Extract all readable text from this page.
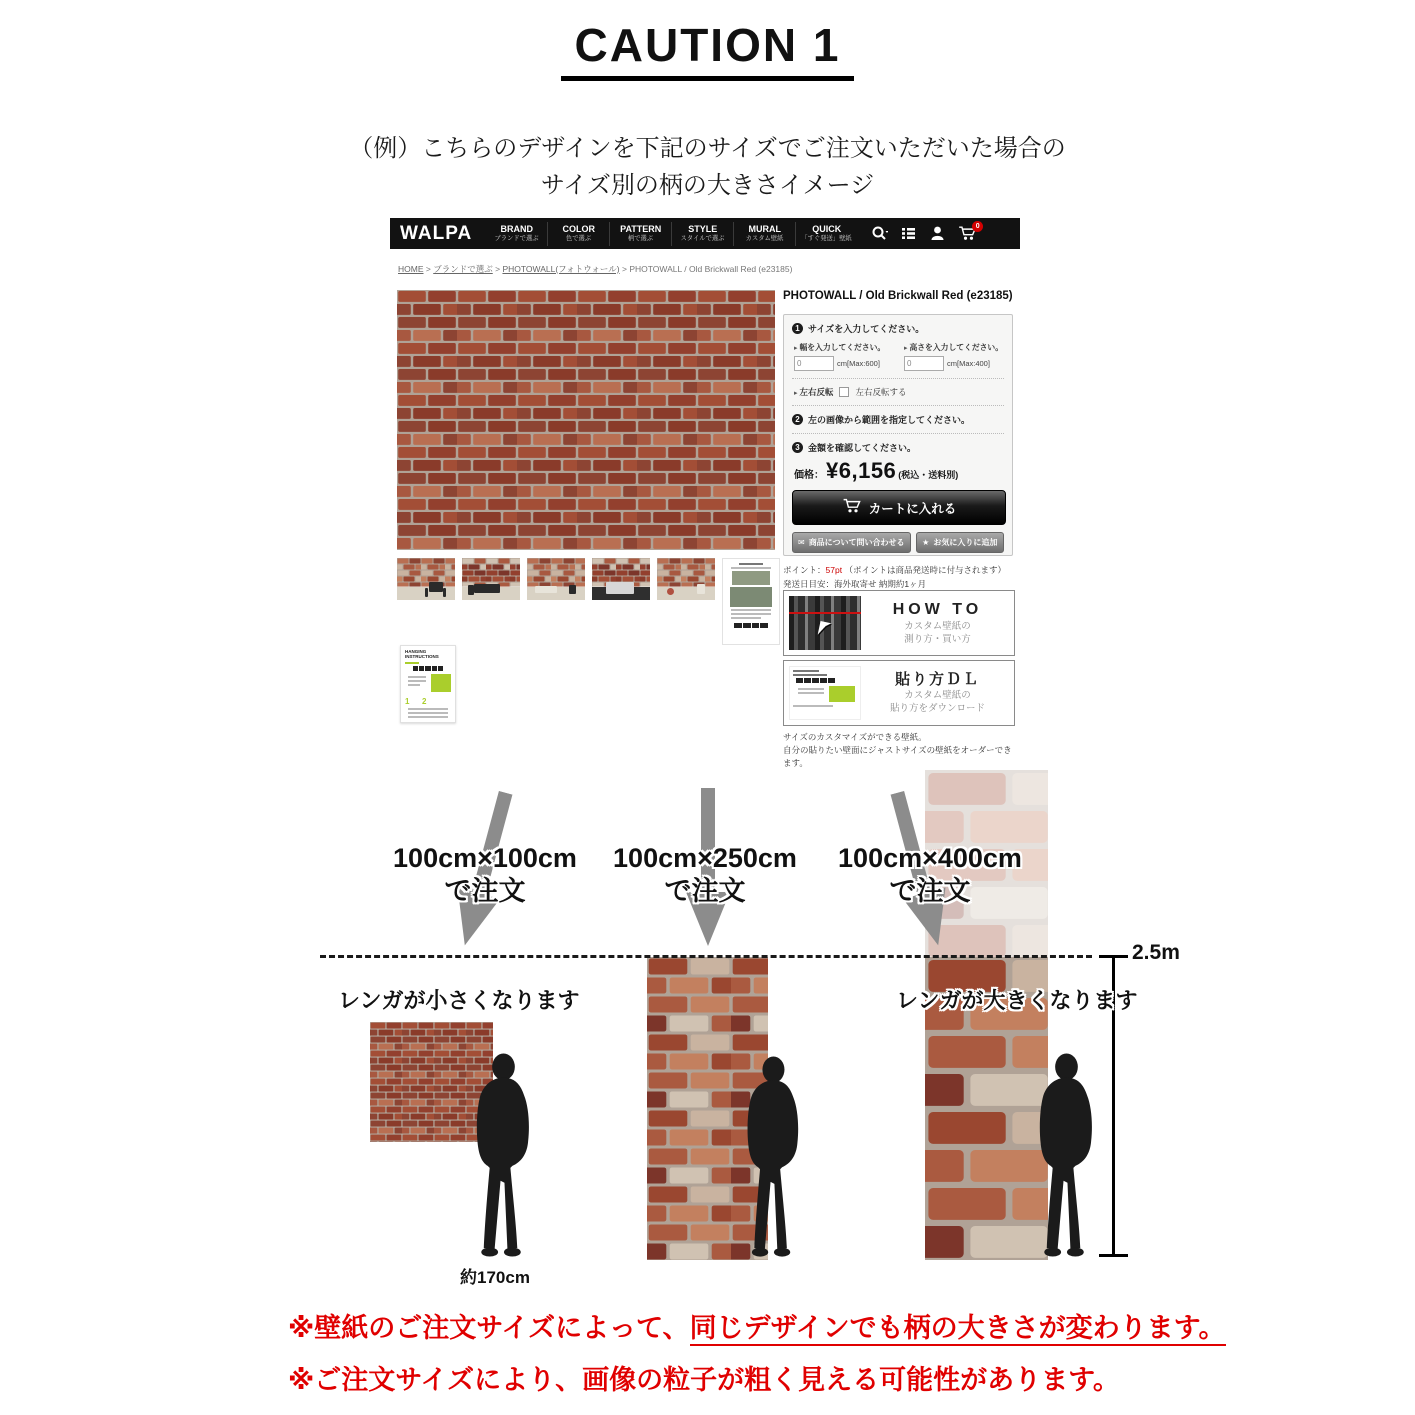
CAUTION 1
（例）こちらのデザインを下記のサイズでご注文いただいた場合の
サイズ別の柄の大きさイメージ
WALPA	BRAND
ブランドで選ぶ
COLOR
色で選ぶ
PATTERN
柄で選ぶ
STYLE
スタイルで選ぶ
MURAL
カスタム壁紙
QUICK
「すぐ発送」壁紙
0
HOME > ブランドで選ぶ > PHOTOWALL(フォトウォール) > PHOTOWALL / Old Brickwall Red (e23185)
PHOTOWALL / Old Brickwall Red (e23185)
1 サイズを入力してください。
▸ 幅を入力してください。
0
cm[Max:600]
▸ 高さを入力してください。
0
cm[Max:400]
▸ 左右反転	左右反転する
2 左の画像から範囲を指定してください。
3 金額を確認してください。
価格： ¥6,156 (税込・送料別)
カートに入れる
✉ 商品について問い合わせる ★ お気に入りに追加
ポイント：57pt （ポイントは商品発送時に付与されます）
発送日目安：海外取寄せ 納期約1ヶ月
HOW TO
カスタム壁紙の
測り方・買い方
貼り方ＤＬ
カスタム壁紙の
貼り方をダウンロード
サイズのカスタマイズができる壁紙。
自分の貼りたい壁面にジャストサイズの壁紙をオーダーできます。
HANGING
INSTRUCTIONS
1 2
100cm×100cm
で注文
100cm×250cm
で注文
100cm×400cm
で注文
レンガが小さくなります	レンガが大きくなります
2.5m
約170cm
※壁紙のご注文サイズによって、同じデザインでも柄の大きさが変わります。
※ご注文サイズにより、画像の粒子が粗く見える可能性があります。
